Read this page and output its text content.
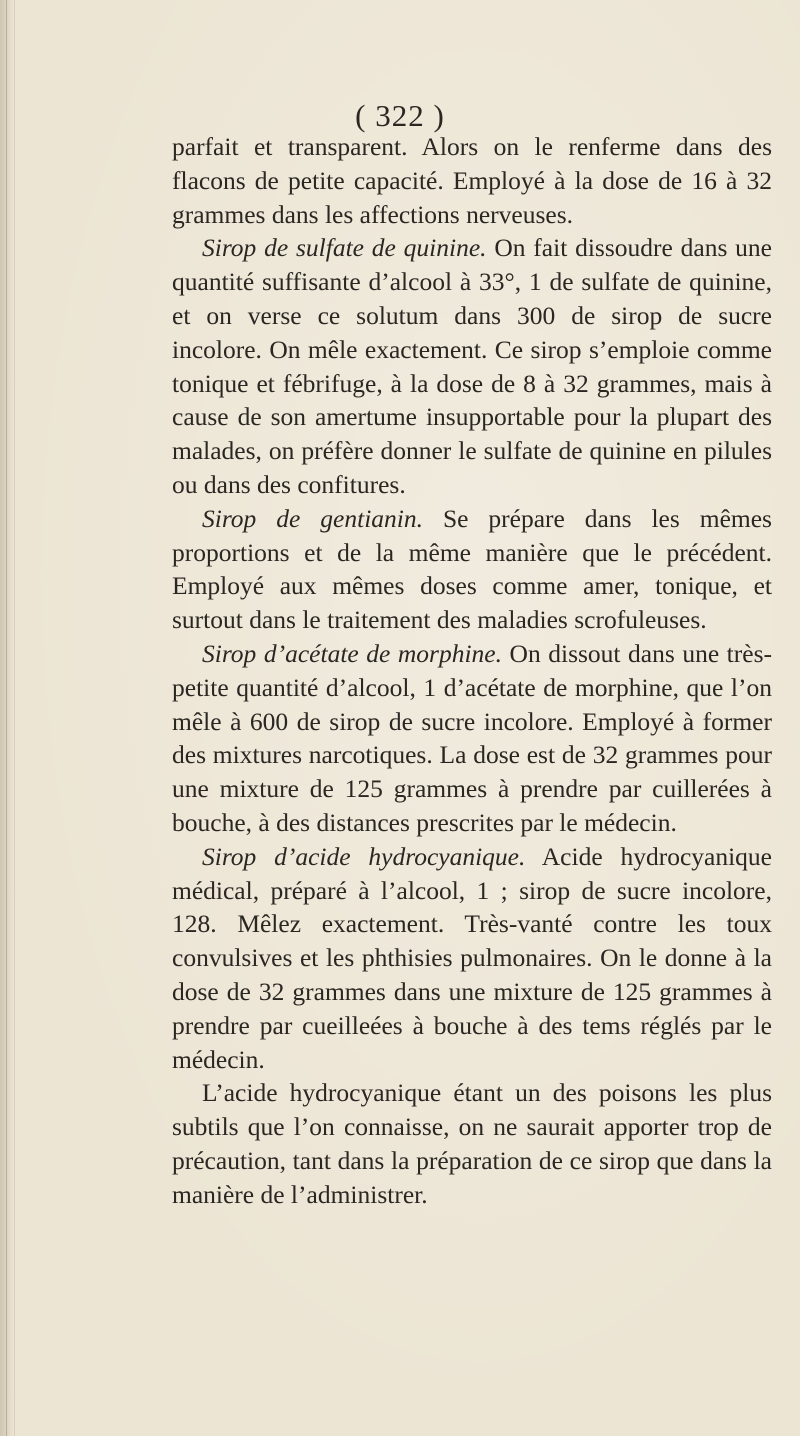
( 322 )

parfait et transparent. Alors on le renferme dans des flacons de petite capacité. Employé à la dose de 16 à 32 grammes dans les affections nerveuses.

Sirop de sulfate de quinine. On fait dissoudre dans une quantité suffisante d’alcool à 33°, 1 de sulfate de quinine, et on verse ce solutum dans 300 de sirop de sucre incolore. On mêle exactement. Ce sirop s’emploie comme tonique et fébrifuge, à la dose de 8 à 32 grammes, mais à cause de son amertume insupportable pour la plupart des malades, on préfère donner le sulfate de quinine en pilules ou dans des confitures.

Sirop de gentianin. Se prépare dans les mêmes proportions et de la même manière que le précédent. Employé aux mêmes doses comme amer, tonique, et surtout dans le traitement des maladies scrofuleuses.

Sirop d’acétate de morphine. On dissout dans une très-petite quantité d’alcool, 1 d’acétate de morphine, que l’on mêle à 600 de sirop de sucre incolore. Employé à former des mixtures narcotiques. La dose est de 32 grammes pour une mixture de 125 grammes à prendre par cuillerées à bouche, à des distances prescrites par le médecin.

Sirop d’acide hydrocyanique. Acide hydrocyanique médical, préparé à l’alcool, 1 ; sirop de sucre incolore, 128. Mêlez exactement. Très-vanté contre les toux convulsives et les phthisies pulmonaires. On le donne à la dose de 32 grammes dans une mixture de 125 grammes à prendre par cueilleées à bouche à des tems réglés par le médecin.

L’acide hydrocyanique étant un des poisons les plus subtils que l’on connaisse, on ne saurait apporter trop de précaution, tant dans la préparation de ce sirop que dans la manière de l’administrer.
